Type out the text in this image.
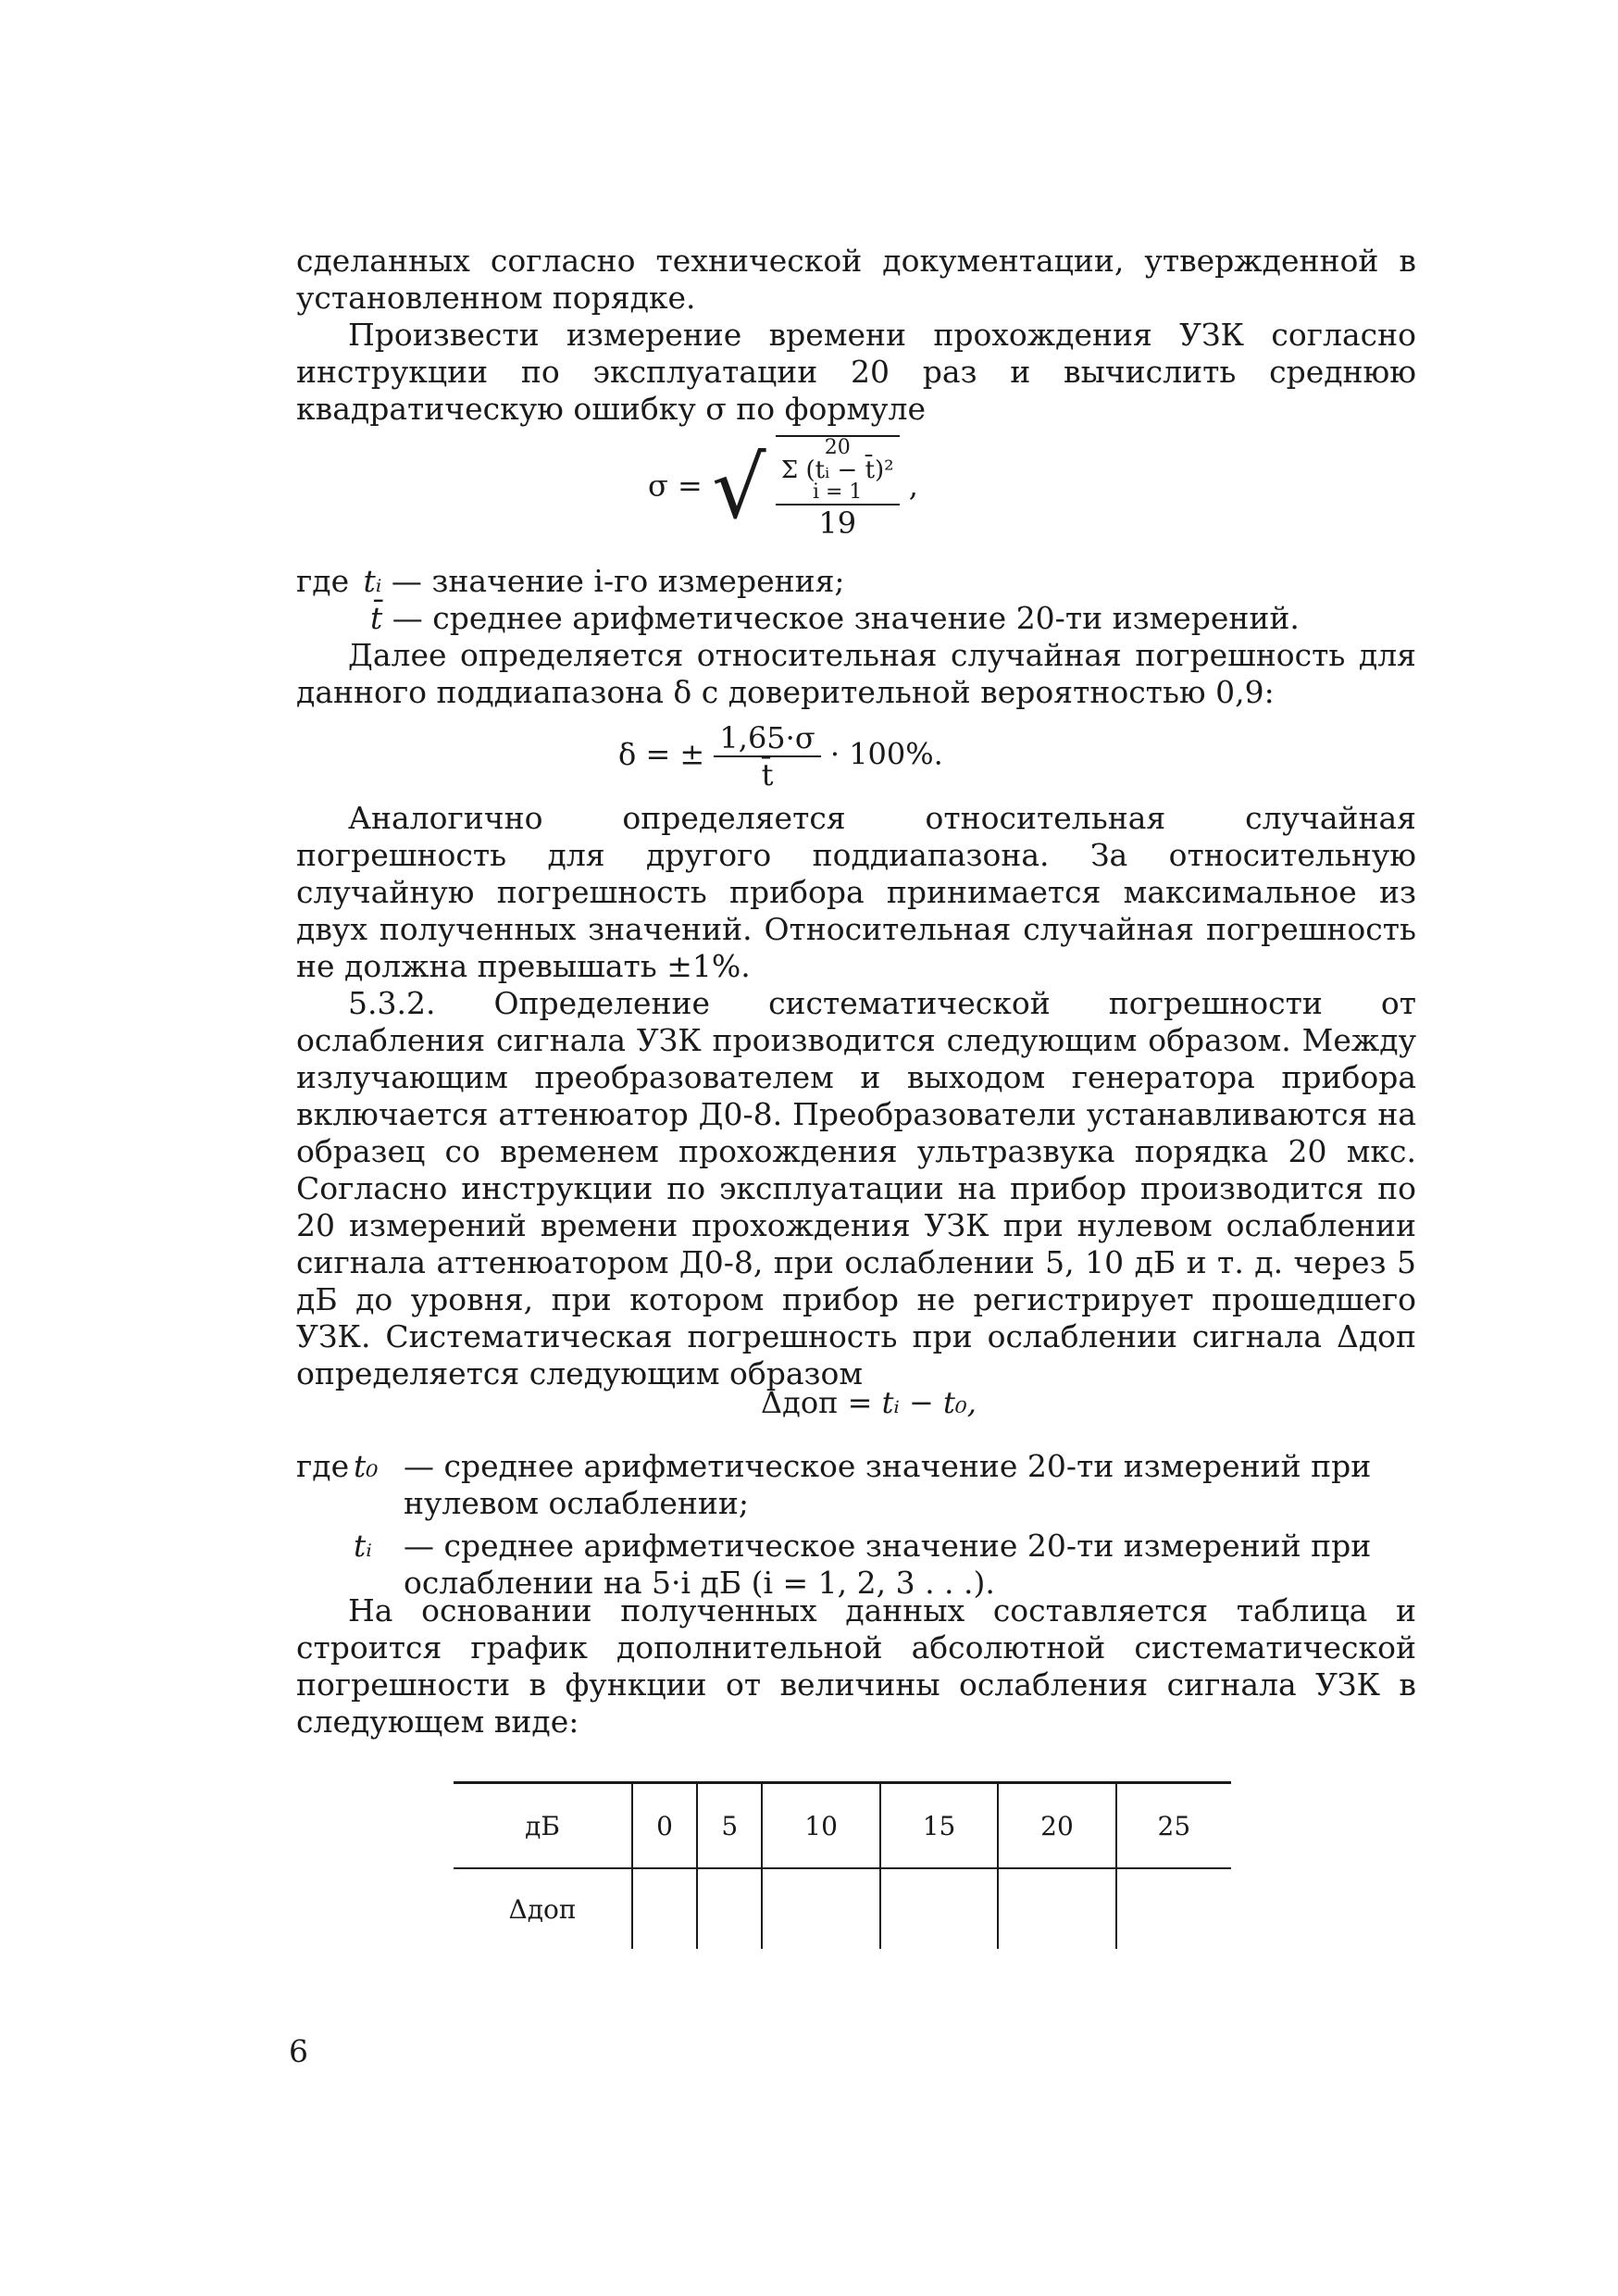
сделанных согласно технической документации, утвержденной в установленном порядке.

Произвести измерение времени прохождения УЗК согласно инструкции по эксплуатации 20 раз и вычислить среднюю квадратическую ошибку σ по формуле

σ = √ 20
Σ (tᵢ − t̄)²
i = 1
19 ,
где tᵢ — значение i-го измерения;
t̄ — среднее арифметическое значение 20-ти измерений.

Далее определяется относительная случайная погрешность для данного поддиапазона δ с доверительной вероятностью 0,9:

δ = ± $\frac{1,65\cdot\sigma}{t̄} \cdot 100\%$.

Аналогично определяется относительная случайная погрешность для другого поддиапазона. За относительную случайную погрешность прибора принимается максимальное из двух полученных значений. Относительная случайная погрешность не должна превышать ±1%.

5.3.2. Определение систематической погрешности от ослабления сигнала УЗК производится следующим образом. Между излучающим преобразователем и выходом генератора прибора включается аттенюатор Д0-8. Преобразователи устанавливаются на образец со временем прохождения ультразвука порядка 20 мкс. Согласно инструкции по эксплуатации на прибор производится по 20 измерений времени прохождения УЗК при нулевом ослаблении сигнала аттенюатором Д0-8, при ослаблении 5, 10 дБ и т. д. через 5 дБ до уровня, при котором прибор не регистрирует прошедшего УЗК. Систематическая погрешность при ослаблении сигнала Δдоп определяется следующим образом

Δдоп = tᵢ − t₀,
где t₀ — среднее арифметическое значение 20-ти измерений при нулевом ослаблении;
tᵢ	— среднее арифметическое значение 20-ти измерений при ослаблении на 5·i дБ (i = 1, 2, 3 . . .).

На основании полученных данных составляется таблица и строится график дополнительной абсолютной систематической погрешности в функции от величины ослабления сигнала УЗК в следующем виде:

дБ	0	5	10	15	20	25
Δдоп						
6
